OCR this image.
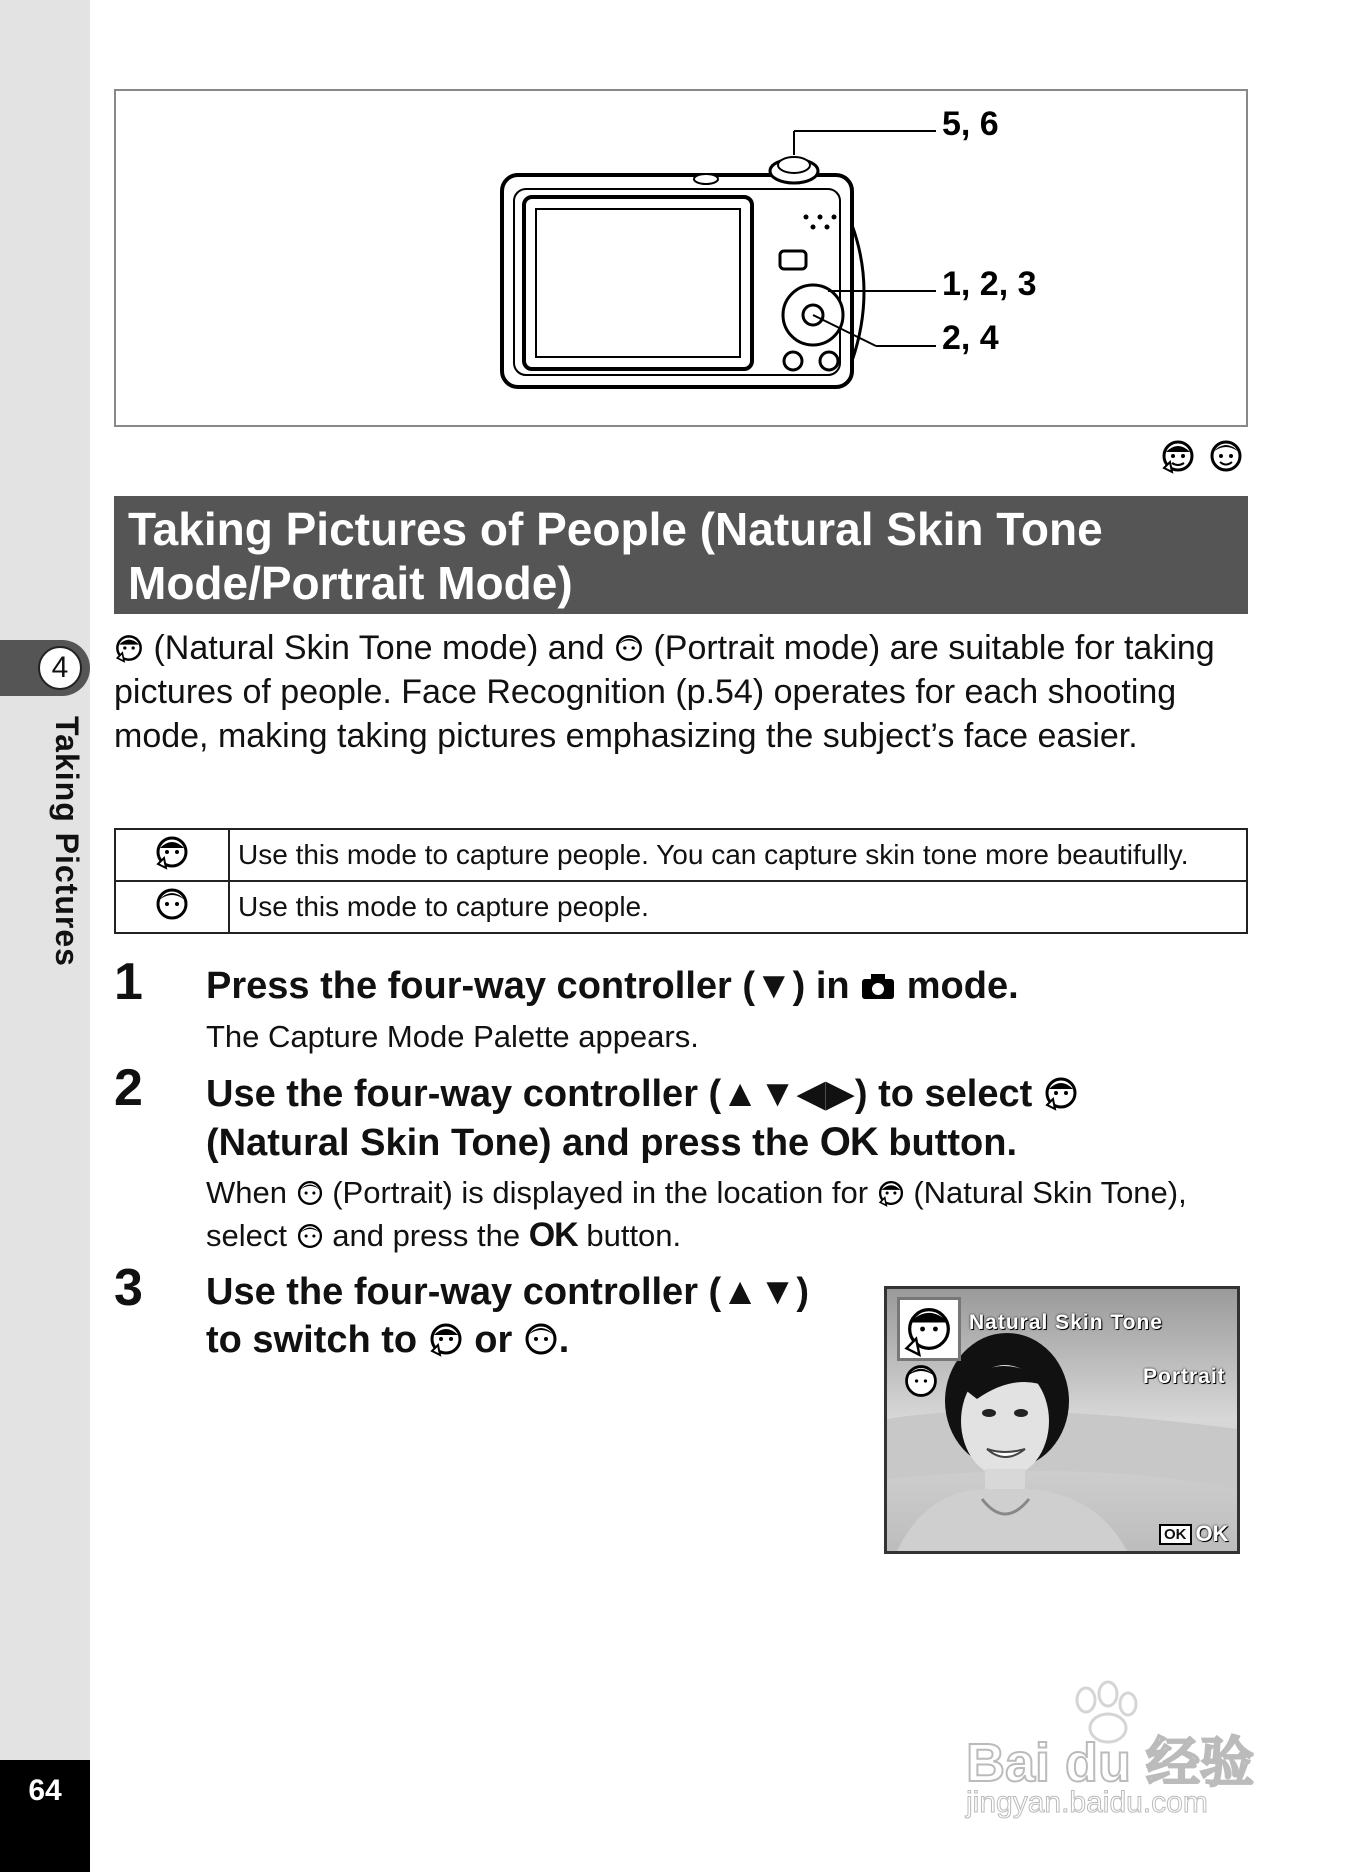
4
Taking Pictures
64
5, 6
1, 2, 3
2, 4
Taking Pictures of People (Natural Skin Tone Mode/Portrait Mode)
(Natural Skin Tone mode) and (Portrait mode) are suitable for taking pictures of people. Face Recognition (p.54) operates for each shooting mode, making taking pictures emphasizing the subject’s face easier.
	Use this mode to capture people. You can capture skin tone more beautifully.
	Use this mode to capture people.
1 Press the four-way controller (▼) in mode.
The Capture Mode Palette appears.
2 Use the four-way controller (▲▼◀▶) to select
(Natural Skin Tone) and press the OK button.
When (Portrait) is displayed in the location for (Natural Skin Tone), select and press the OK button.
3 Use the four-way controller (▲▼)
to switch to or .	Natural Skin Tone
Portrait
OK OK
Bai du 经验
jingyan.baidu.com
